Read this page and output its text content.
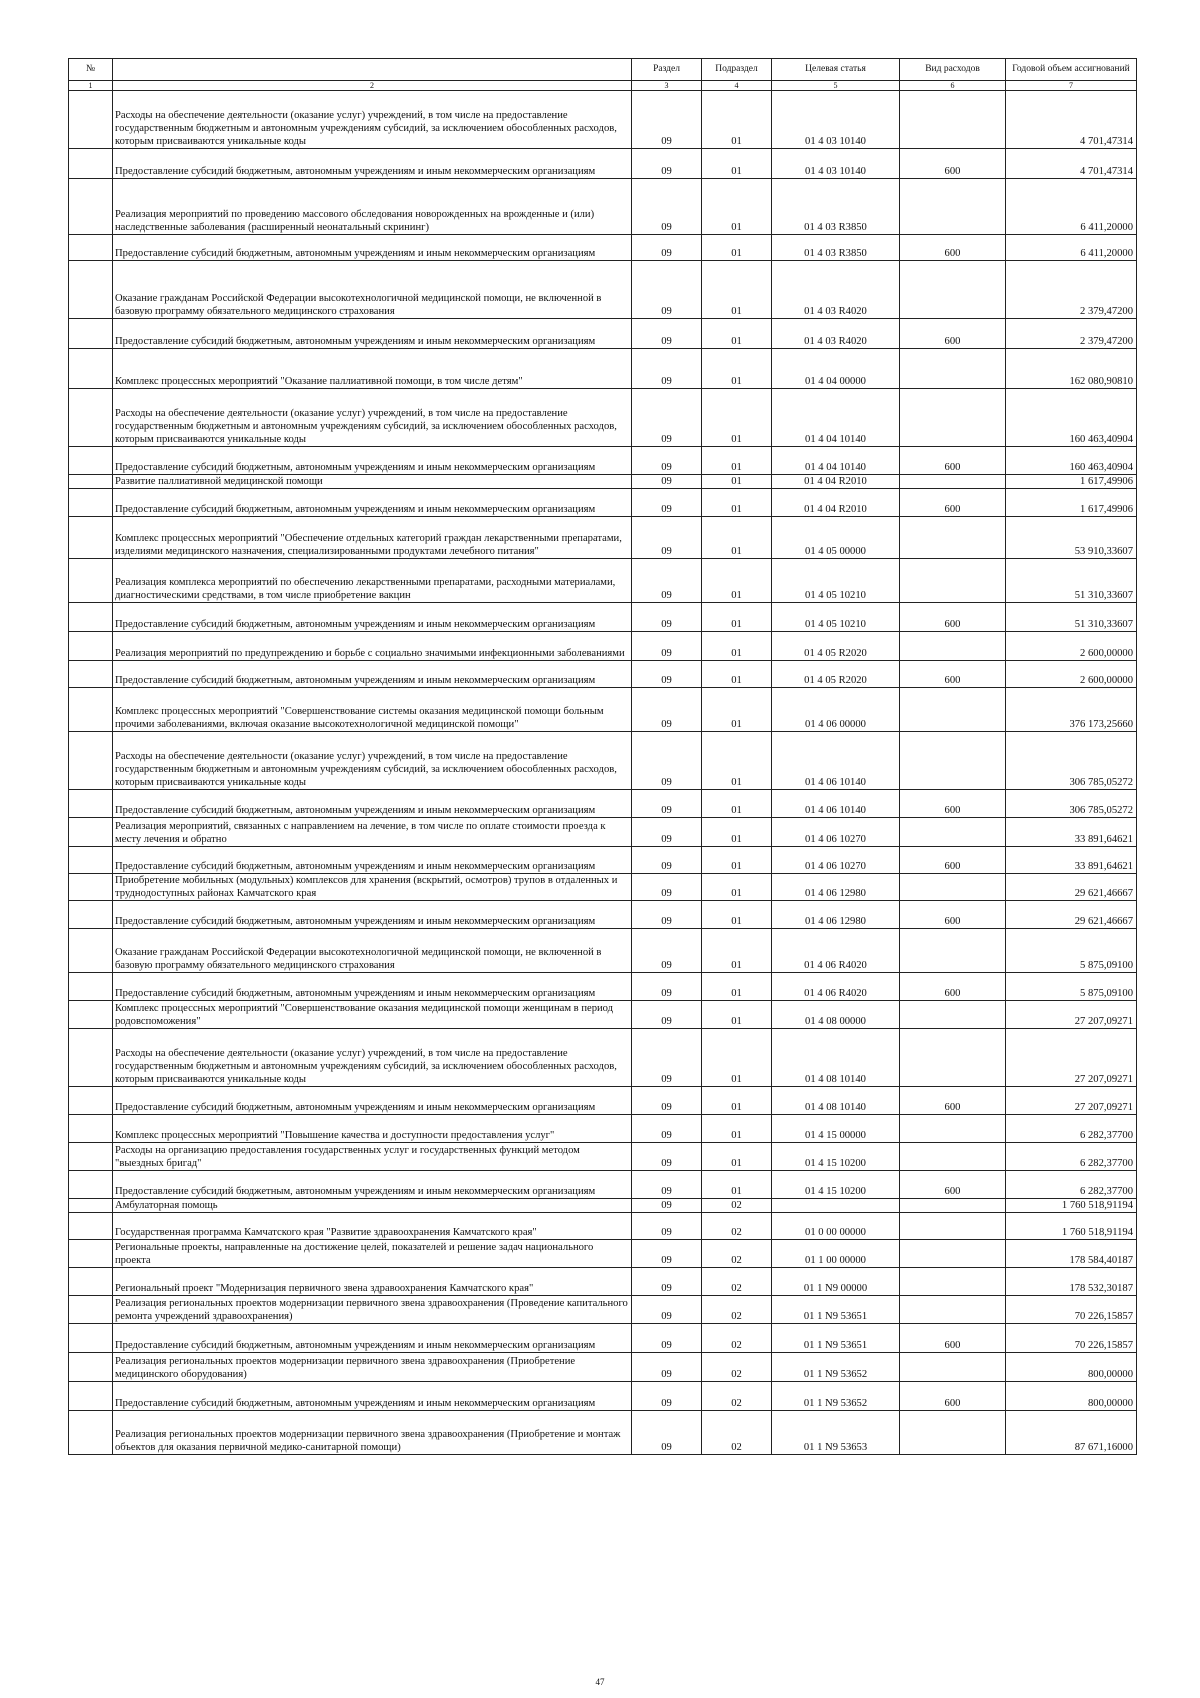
№		Раздел	Подраздел	Целевая статья	Вид расходов	Годовой объем ассигнований
1	2	3	4	5	6	7
	Расходы на обеспечение деятельности (оказание услуг) учреждений, в том числе на предоставление государственным бюджетным и автономным учреждениям субсидий, за исключением обособленных расходов, которым присваиваются уникальные коды	09	01	01 4 03 10140		4 701,47314
	Предоставление субсидий бюджетным, автономным учреждениям и иным некоммерческим организациям	09	01	01 4 03 10140	600	4 701,47314
	Реализация мероприятий по проведению массового обследования новорожденных на врожденные и (или) наследственные заболевания (расширенный неонатальный скрининг)	09	01	01 4 03 R3850		6 411,20000
	Предоставление субсидий бюджетным, автономным учреждениям и иным некоммерческим организациям	09	01	01 4 03 R3850	600	6 411,20000
	Оказание гражданам Российской Федерации высокотехнологичной медицинской помощи, не включенной в базовую программу обязательного медицинского страхования	09	01	01 4 03 R4020		2 379,47200
	Предоставление субсидий бюджетным, автономным учреждениям и иным некоммерческим организациям	09	01	01 4 03 R4020	600	2 379,47200
	Комплекс процессных мероприятий "Оказание паллиативной помощи, в том числе детям"	09	01	01 4 04 00000		162 080,90810
	Расходы на обеспечение деятельности (оказание услуг) учреждений, в том числе на предоставление государственным бюджетным и автономным учреждениям субсидий, за исключением обособленных расходов, которым присваиваются уникальные коды	09	01	01 4 04 10140		160 463,40904
	Предоставление субсидий бюджетным, автономным учреждениям и иным некоммерческим организациям	09	01	01 4 04 10140	600	160 463,40904
	Развитие паллиативной медицинской помощи	09	01	01 4 04 R2010		1 617,49906
	Предоставление субсидий бюджетным, автономным учреждениям и иным некоммерческим организациям	09	01	01 4 04 R2010	600	1 617,49906
	Комплекс процессных мероприятий "Обеспечение отдельных категорий граждан лекарственными препаратами, изделиями медицинского назначения, специализированными продуктами лечебного питания"	09	01	01 4 05 00000		53 910,33607
	Реализация комплекса мероприятий по обеспечению лекарственными препаратами, расходными материалами, диагностическими средствами, в том числе приобретение вакцин	09	01	01 4 05 10210		51 310,33607
	Предоставление субсидий бюджетным, автономным учреждениям и иным некоммерческим организациям	09	01	01 4 05 10210	600	51 310,33607
	Реализация мероприятий по предупреждению и борьбе с социально значимыми инфекционными заболеваниями	09	01	01 4 05 R2020		2 600,00000
	Предоставление субсидий бюджетным, автономным учреждениям и иным некоммерческим организациям	09	01	01 4 05 R2020	600	2 600,00000
	Комплекс процессных мероприятий "Совершенствование системы оказания медицинской помощи больным прочими заболеваниями, включая оказание высокотехнологичной медицинской помощи"	09	01	01 4 06 00000		376 173,25660
	Расходы на обеспечение деятельности (оказание услуг) учреждений, в том числе на предоставление государственным бюджетным и автономным учреждениям субсидий, за исключением обособленных расходов, которым присваиваются уникальные коды	09	01	01 4 06 10140		306 785,05272
	Предоставление субсидий бюджетным, автономным учреждениям и иным некоммерческим организациям	09	01	01 4 06 10140	600	306 785,05272
	Реализация мероприятий, связанных с направлением на лечение, в том числе по оплате стоимости проезда к месту лечения и обратно	09	01	01 4 06 10270		33 891,64621
	Предоставление субсидий бюджетным, автономным учреждениям и иным некоммерческим организациям	09	01	01 4 06 10270	600	33 891,64621
	Приобретение мобильных (модульных) комплексов для хранения (вскрытий, осмотров) трупов в отдаленных и труднодоступных районах Камчатского края	09	01	01 4 06 12980		29 621,46667
	Предоставление субсидий бюджетным, автономным учреждениям и иным некоммерческим организациям	09	01	01 4 06 12980	600	29 621,46667
	Оказание гражданам Российской Федерации высокотехнологичной медицинской помощи, не включенной в базовую программу обязательного медицинского страхования	09	01	01 4 06 R4020		5 875,09100
	Предоставление субсидий бюджетным, автономным учреждениям и иным некоммерческим организациям	09	01	01 4 06 R4020	600	5 875,09100
	Комплекс процессных мероприятий "Совершенствование оказания медицинской помощи женщинам в период родовспоможения"	09	01	01 4 08 00000		27 207,09271
	Расходы на обеспечение деятельности (оказание услуг) учреждений, в том числе на предоставление государственным бюджетным и автономным учреждениям субсидий, за исключением обособленных расходов, которым присваиваются уникальные коды	09	01	01 4 08 10140		27 207,09271
	Предоставление субсидий бюджетным, автономным учреждениям и иным некоммерческим организациям	09	01	01 4 08 10140	600	27 207,09271
	Комплекс процессных мероприятий "Повышение качества и доступности предоставления услуг"	09	01	01 4 15 00000		6 282,37700
	Расходы на организацию предоставления государственных услуг и государственных функций методом "выездных бригад"	09	01	01 4 15 10200		6 282,37700
	Предоставление субсидий бюджетным, автономным учреждениям и иным некоммерческим организациям	09	01	01 4 15 10200	600	6 282,37700
	Амбулаторная помощь	09	02			1 760 518,91194
	Государственная программа Камчатского края "Развитие здравоохранения Камчатского края"	09	02	01 0 00 00000		1 760 518,91194
	Региональные проекты, направленные на достижение целей, показателей и решение задач национального проекта	09	02	01 1 00 00000		178 584,40187
	Региональный проект "Модернизация первичного звена здравоохранения Камчатского края"	09	02	01 1 N9 00000		178 532,30187
	Реализация региональных проектов модернизации первичного звена здравоохранения (Проведение капитального ремонта учреждений здравоохранения)	09	02	01 1 N9 53651		70 226,15857
	Предоставление субсидий бюджетным, автономным учреждениям и иным некоммерческим организациям	09	02	01 1 N9 53651	600	70 226,15857
	Реализация региональных проектов модернизации первичного звена здравоохранения (Приобретение медицинского оборудования)	09	02	01 1 N9 53652		800,00000
	Предоставление субсидий бюджетным, автономным учреждениям и иным некоммерческим организациям	09	02	01 1 N9 53652	600	800,00000
	Реализация региональных проектов модернизации первичного звена здравоохранения (Приобретение и монтаж объектов для оказания первичной медико-санитарной помощи)	09	02	01 1 N9 53653		87 671,16000
47
